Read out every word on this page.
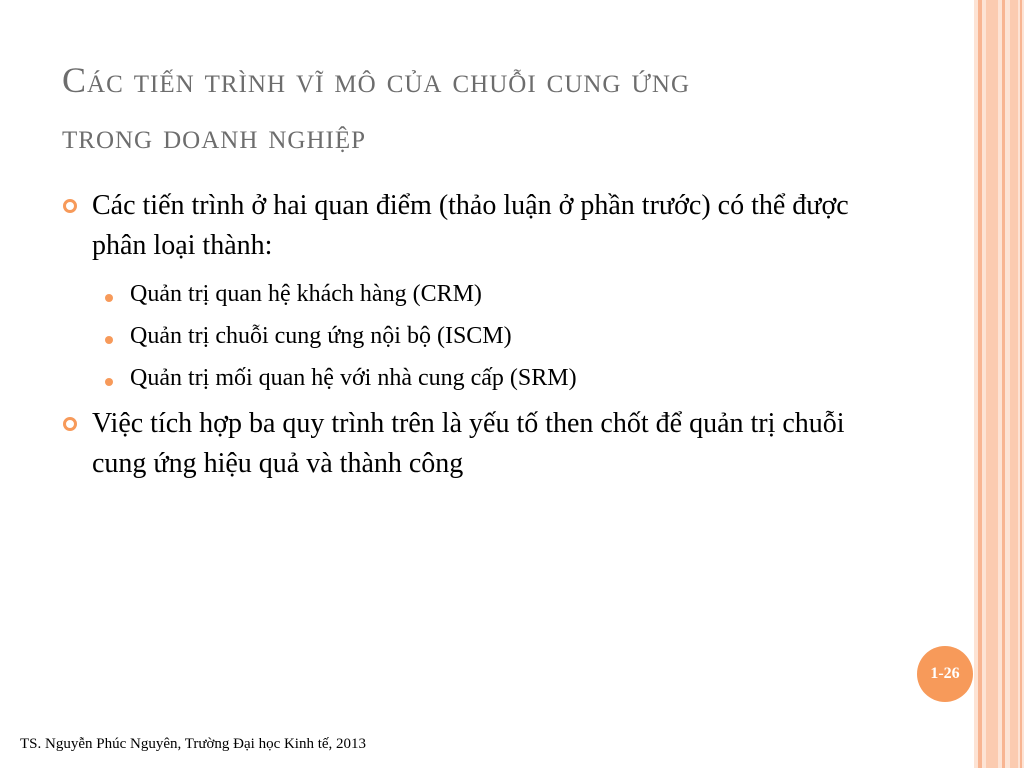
Các tiến trình vĩ mô của chuỗi cung ứng
trong doanh nghiệp
Các tiến trình ở hai quan điểm (thảo luận ở phần trước) có thể được phân loại thành:
Quản trị quan hệ khách hàng (CRM)
Quản trị chuỗi cung ứng nội bộ (ISCM)
Quản trị mối quan hệ với nhà cung cấp (SRM)
Việc tích hợp ba quy trình trên là yếu tố then chốt để quản trị chuỗi cung ứng hiệu quả và thành công
1-26
TS. Nguyễn Phúc Nguyên, Trường Đại học Kinh tế, 2013
